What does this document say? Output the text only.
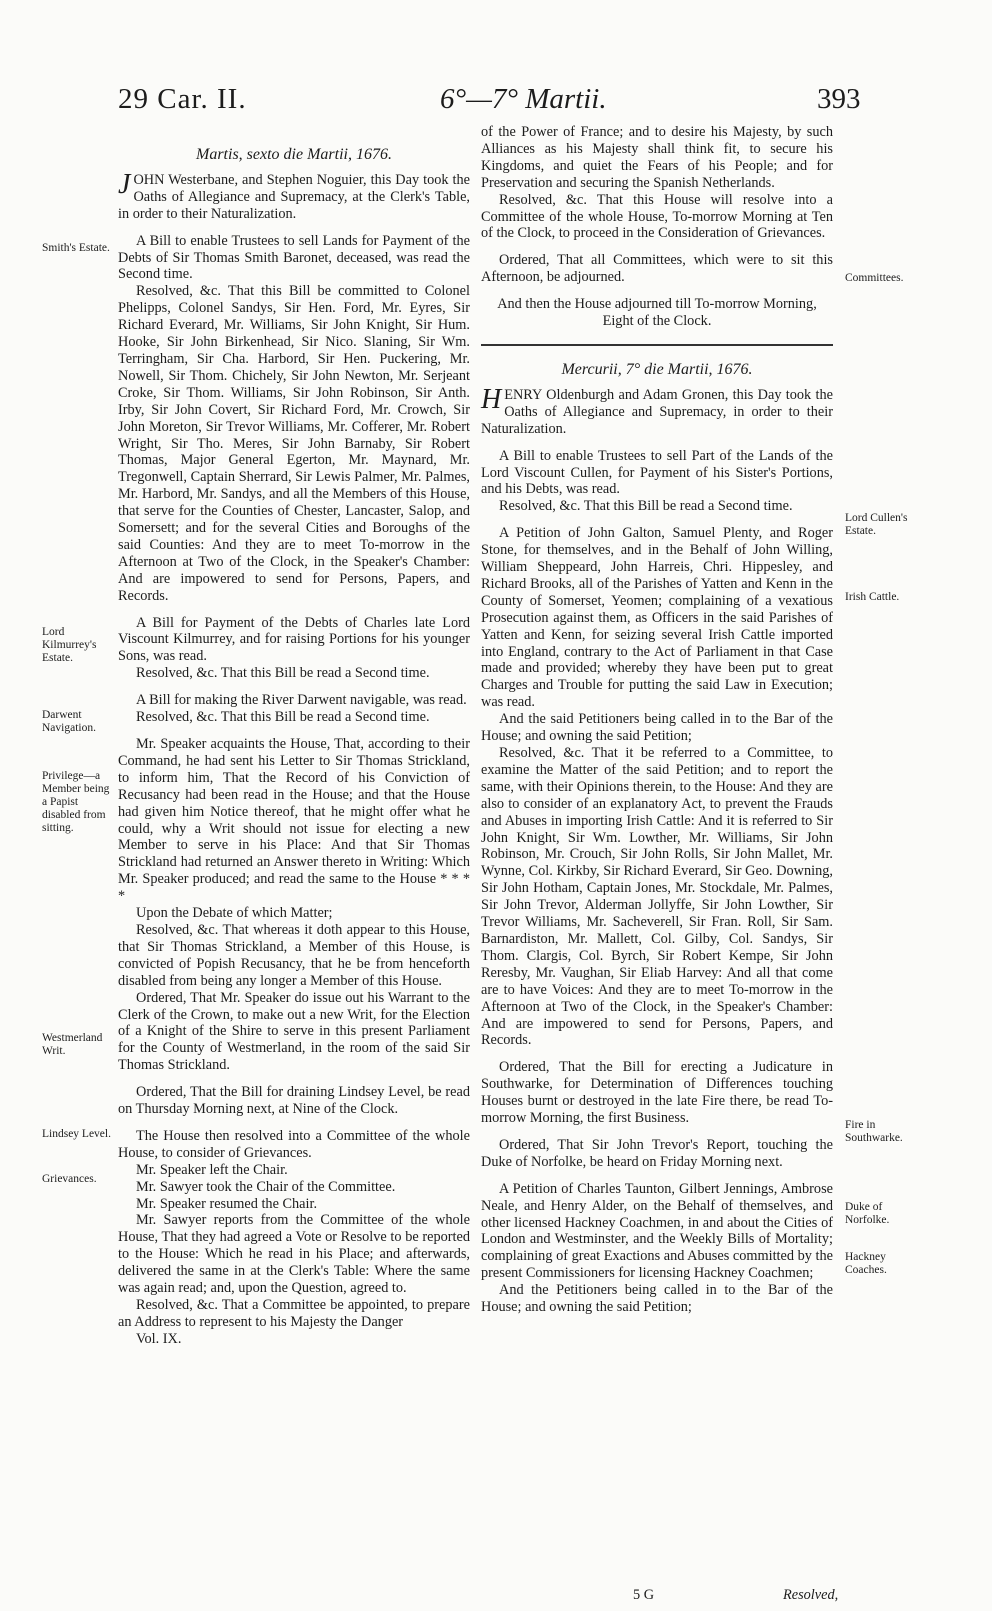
29 Car. II.	6°—7° Martii.	393
Martis, sexto die Martii, 1676.

JOHN Westerbane, and Stephen Noguier, this Day took the Oaths of Allegiance and Supremacy, at the Clerk's Table, in order to their Naturalization.

A Bill to enable Trustees to sell Lands for Payment of the Debts of Sir Thomas Smith Baronet, deceased, was read the Second time.

Resolved, &c. That this Bill be committed to Colonel Phelipps, Colonel Sandys, Sir Hen. Ford, Mr. Eyres, Sir Richard Everard, Mr. Williams, Sir John Knight, Sir Hum. Hooke, Sir John Birkenhead, Sir Nico. Slaning, Sir Wm. Terringham, Sir Cha. Harbord, Sir Hen. Puckering, Mr. Nowell, Sir Thom. Chichely, Sir John Newton, Mr. Serjeant Croke, Sir Thom. Williams, Sir John Robinson, Sir Anth. Irby, Sir John Covert, Sir Richard Ford, Mr. Crowch, Sir John Moreton, Sir Trevor Williams, Mr. Cofferer, Mr. Robert Wright, Sir Tho. Meres, Sir John Barnaby, Sir Robert Thomas, Major General Egerton, Mr. Maynard, Mr. Tregonwell, Captain Sherrard, Sir Lewis Palmer, Mr. Palmes, Mr. Harbord, Mr. Sandys, and all the Members of this House, that serve for the Counties of Chester, Lancaster, Salop, and Somersett; and for the several Cities and Boroughs of the said Counties: And they are to meet To-morrow in the Afternoon at Two of the Clock, in the Speaker's Chamber: And are impowered to send for Persons, Papers, and Records.

A Bill for Payment of the Debts of Charles late Lord Viscount Kilmurrey, and for raising Portions for his younger Sons, was read.

Resolved, &c. That this Bill be read a Second time.

A Bill for making the River Darwent navigable, was read.

Resolved, &c. That this Bill be read a Second time.

Mr. Speaker acquaints the House, That, according to their Command, he had sent his Letter to Sir Thomas Strickland, to inform him, That the Record of his Conviction of Recusancy had been read in the House; and that the House had given him Notice thereof, that he might offer what he could, why a Writ should not issue for electing a new Member to serve in his Place: And that Sir Thomas Strickland had returned an Answer thereto in Writing: Which Mr. Speaker produced; and read the same to the House * * * *

Upon the Debate of which Matter;

Resolved, &c. That whereas it doth appear to this House, that Sir Thomas Strickland, a Member of this House, is convicted of Popish Recusancy, that he be from henceforth disabled from being any longer a Member of this House.

Ordered, That Mr. Speaker do issue out his Warrant to the Clerk of the Crown, to make out a new Writ, for the Election of a Knight of the Shire to serve in this present Parliament for the County of Westmerland, in the room of the said Sir Thomas Strickland.

Ordered, That the Bill for draining Lindsey Level, be read on Thursday Morning next, at Nine of the Clock.

The House then resolved into a Committee of the whole House, to consider of Grievances.

Mr. Speaker left the Chair.

Mr. Sawyer took the Chair of the Committee.

Mr. Speaker resumed the Chair.

Mr. Sawyer reports from the Committee of the whole House, That they had agreed a Vote or Resolve to be reported to the House: Which he read in his Place; and afterwards, delivered the same in at the Clerk's Table: Where the same was again read; and, upon the Question, agreed to.

Resolved, &c. That a Committee be appointed, to prepare an Address to represent to his Majesty the Danger

Vol. IX.

of the Power of France; and to desire his Majesty, by such Alliances as his Majesty shall think fit, to secure his Kingdoms, and quiet the Fears of his People; and for Preservation and securing the Spanish Netherlands.

Resolved, &c. That this House will resolve into a Committee of the whole House, To-morrow Morning at Ten of the Clock, to proceed in the Consideration of Grievances.

Ordered, That all Committees, which were to sit this Afternoon, be adjourned.

And then the House adjourned till To-morrow Morning, Eight of the Clock.

Mercurii, 7° die Martii, 1676.

HENRY Oldenburgh and Adam Gronen, this Day took the Oaths of Allegiance and Supremacy, in order to their Naturalization.

A Bill to enable Trustees to sell Part of the Lands of the Lord Viscount Cullen, for Payment of his Sister's Portions, and his Debts, was read.

Resolved, &c. That this Bill be read a Second time.

A Petition of John Galton, Samuel Plenty, and Roger Stone, for themselves, and in the Behalf of John Willing, William Sheppeard, John Harreis, Chri. Hippesley, and Richard Brooks, all of the Parishes of Yatten and Kenn in the County of Somerset, Yeomen; complaining of a vexatious Prosecution against them, as Officers in the said Parishes of Yatten and Kenn, for seizing several Irish Cattle imported into England, contrary to the Act of Parliament in that Case made and provided; whereby they have been put to great Charges and Trouble for putting the said Law in Execution; was read.

And the said Petitioners being called in to the Bar of the House; and owning the said Petition;

Resolved, &c. That it be referred to a Committee, to examine the Matter of the said Petition; and to report the same, with their Opinions therein, to the House: And they are also to consider of an explanatory Act, to prevent the Frauds and Abuses in importing Irish Cattle: And it is referred to Sir John Knight, Sir Wm. Lowther, Mr. Williams, Sir John Robinson, Mr. Crouch, Sir John Rolls, Sir John Mallet, Mr. Wynne, Col. Kirkby, Sir Richard Everard, Sir Geo. Downing, Sir John Hotham, Captain Jones, Mr. Stockdale, Mr. Palmes, Sir John Trevor, Alderman Jollyffe, Sir John Lowther, Sir Trevor Williams, Mr. Sacheverell, Sir Fran. Roll, Sir Sam. Barnardiston, Mr. Mallett, Col. Gilby, Col. Sandys, Sir Thom. Clargis, Col. Byrch, Sir Robert Kempe, Sir John Reresby, Mr. Vaughan, Sir Eliab Harvey: And all that come are to have Voices: And they are to meet To-morrow in the Afternoon at Two of the Clock, in the Speaker's Chamber: And are impowered to send for Persons, Papers, and Records.

Ordered, That the Bill for erecting a Judicature in Southwarke, for Determination of Differences touching Houses burnt or destroyed in the late Fire there, be read To-morrow Morning, the first Business.

Ordered, That Sir John Trevor's Report, touching the Duke of Norfolke, be heard on Friday Morning next.

A Petition of Charles Taunton, Gilbert Jennings, Ambrose Neale, and Henry Alder, on the Behalf of themselves, and other licensed Hackney Coachmen, in and about the Cities of London and Westminster, and the Weekly Bills of Mortality; complaining of great Exactions and Abuses committed by the present Commissioners for licensing Hackney Coachmen;

And the Petitioners being called in to the Bar of the House; and owning the said Petition;

Smith's Estate.
Lord Kilmurrey's Estate.
Darwent Navigation.
Privilege—a Member being a Papist disabled from sitting.
Westmerland Writ.
Lindsey Level.
Grievances.
Committees.
Lord Cullen's Estate.
Irish Cattle.
Fire in Southwarke.
Duke of Norfolke.
Hackney Coaches.
5 G	Resolved,
